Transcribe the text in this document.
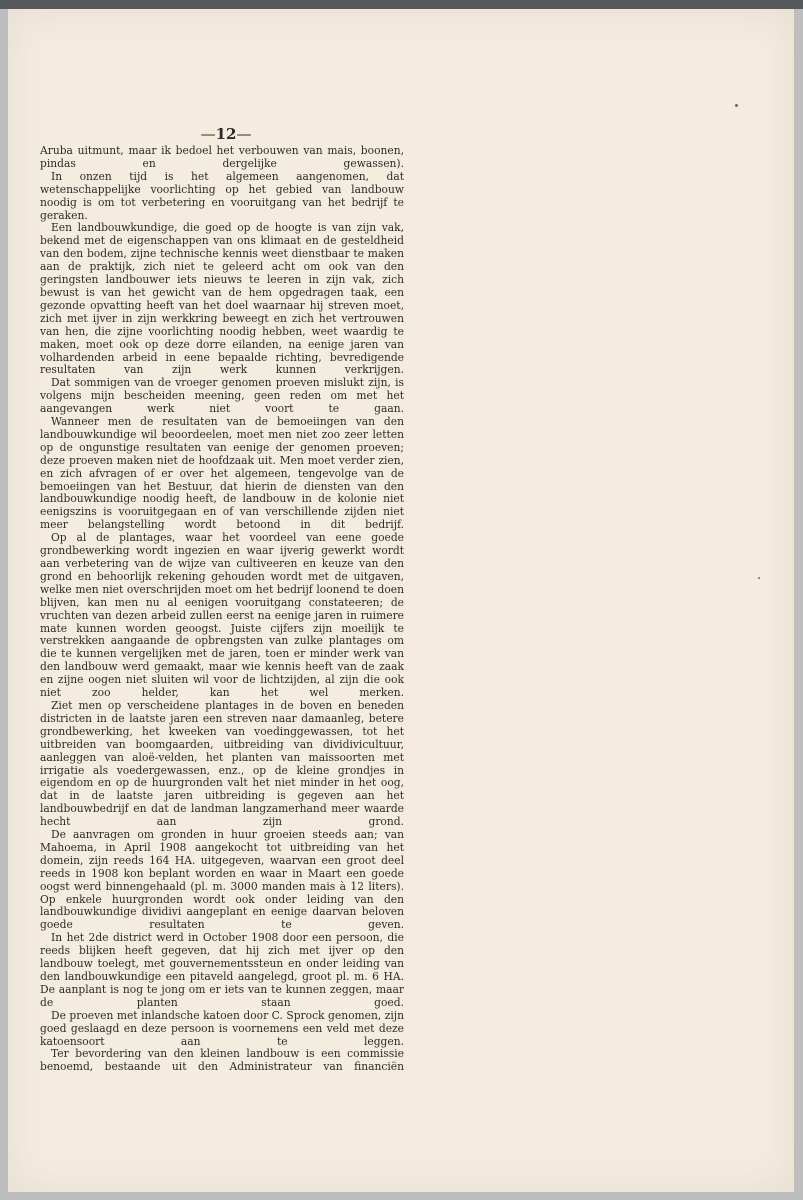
—12—

Aruba uitmunt, maar ik bedoel het verbouwen van mais, boonen, pindas en dergelijke gewassen).

In onzen tijd is het algemeen aangenomen, dat wetenschappelijke voorlichting op het gebied van landbouw noodig is om tot verbetering en vooruitgang van het bedrijf te geraken.

Een landbouwkundige, die goed op de hoogte is van zijn vak, bekend met de eigenschappen van ons klimaat en de gesteldheid van den bodem, zijne technische kennis weet dienstbaar te maken aan de praktijk, zich niet te geleerd acht om ook van den geringsten landbouwer iets nieuws te leeren in zijn vak, zich bewust is van het gewicht van de hem opgedragen taak, een gezonde opvatting heeft van het doel waarnaar hij streven moet, zich met ijver in zijn werkkring beweegt en zich het vertrouwen van hen, die zijne voorlichting noodig hebben, weet waardig te maken, moet ook op deze dorre eilanden, na eenige jaren van volhardenden arbeid in eene bepaalde richting, bevredigende resultaten van zijn werk kunnen verkrijgen.

Dat sommigen van de vroeger genomen proeven mislukt zijn, is volgens mijn bescheiden meening, geen reden om met het aangevangen werk niet voort te gaan.

Wanneer men de resultaten van de bemoeiingen van den landbouwkundige wil beoordeelen, moet men niet zoo zeer letten op de ongunstige resultaten van eenige der genomen proeven; deze proeven maken niet de hoofdzaak uit. Men moet verder zien, en zich afvragen of er over het algemeen, tengevolge van de bemoeiingen van het Bestuur, dat hierin de diensten van den landbouwkundige noodig heeft, de landbouw in de kolonie niet eenigszins is vooruitgegaan en of van verschillende zijden niet meer belangstelling wordt betoond in dit bedrijf.

Op al de plantages, waar het voordeel van eene goede grondbewerking wordt ingezien en waar ijverig gewerkt wordt aan verbetering van de wijze van cultiveeren en keuze van den grond en behoorlijk rekening gehouden wordt met de uitgaven, welke men niet overschrijden moet om het bedrijf loonend te doen blijven, kan men nu al eenigen vooruitgang constateeren; de vruchten van dezen arbeid zullen eerst na eenige jaren in ruimere mate kunnen worden geoogst. Juiste cijfers zijn moeilijk te verstrekken aangaande de opbrengsten van zulke plantages om die te kunnen vergelijken met de jaren, toen er minder werk van den landbouw werd gemaakt, maar wie kennis heeft van de zaak en zijne oogen niet sluiten wil voor de lichtzijden, al zijn die ook niet zoo helder, kan het wel merken.

Ziet men op verscheidene plantages in de boven en beneden districten in de laatste jaren een streven naar damaanleg, betere grondbewerking, het kweeken van voedinggewassen, tot het uitbreiden van boomgaarden, uitbreiding van dividivicultuur, aanleggen van aloë-velden, het planten van maissoorten met irrigatie als voedergewassen, enz., op de kleine grondjes in eigendom en op de huurgronden valt het niet minder in het oog, dat in de laatste jaren uitbreiding is gegeven aan het landbouwbedrijf en dat de landman langzamerhand meer waarde hecht aan zijn grond.

De aanvragen om gronden in huur groeien steeds aan; van Mahoema, in April 1908 aangekocht tot uitbreiding van het domein, zijn reeds 164 HA. uitgegeven, waarvan een groot deel reeds in 1908 kon beplant worden en waar in Maart een goede oogst werd binnengehaald (pl. m. 3000 manden mais à 12 liters). Op enkele huurgronden wordt ook onder leiding van den landbouwkundige dividivi aangeplant en eenige daarvan beloven goede resultaten te geven.

In het 2de district werd in October 1908 door een persoon, die reeds blijken heeft gegeven, dat hij zich met ijver op den landbouw toelegt, met gouvernementssteun en onder leiding van den landbouwkundige een pitaveld aangelegd, groot pl. m. 6 HA. De aanplant is nog te jong om er iets van te kunnen zeggen, maar de planten staan goed.

De proeven met inlandsche katoen door C. Sprock genomen, zijn goed geslaagd en deze persoon is voornemens een veld met deze katoensoort aan te leggen.

Ter bevordering van den kleinen landbouw is een commissie benoemd, bestaande uit den Administrateur van financiën
